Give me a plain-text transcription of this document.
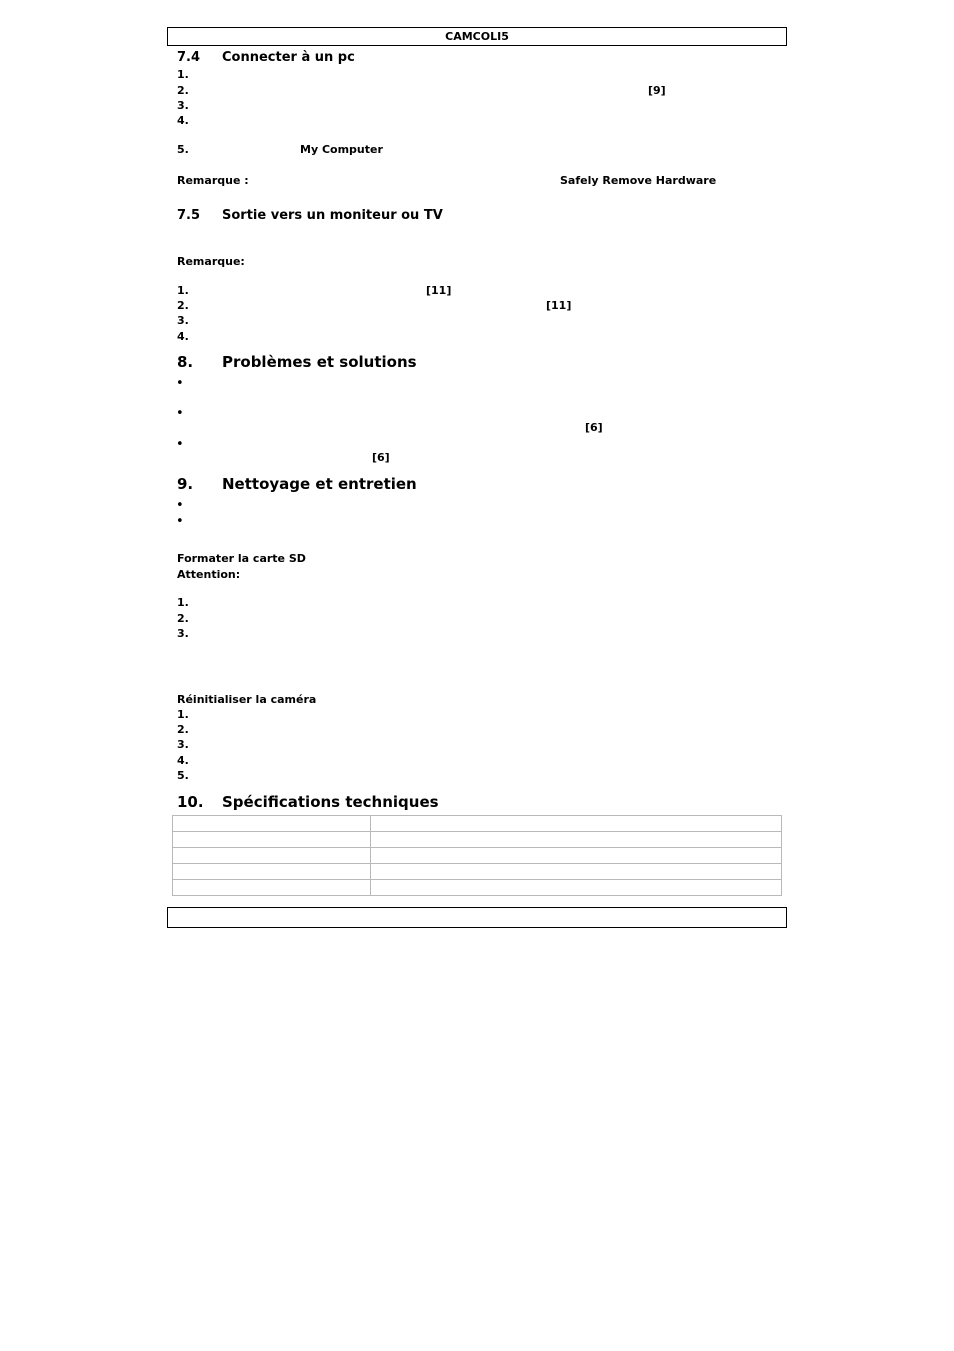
CAMCOLI5
7.4 Connecter à un pc
1.
2.	[9]
3.
4.
5.	My Computer
Remarque :	Safely Remove Hardware
7.5 Sortie vers un moniteur ou TV
Remarque:
1.	[11]
2.	[11]
3.
4.
8. Problèmes et solutions
•
•
[6]
•
[6]
9. Nettoyage et entretien
•
•
Formater la carte SD
Attention:
1.
2.
3.
Réinitialiser la caméra
1.
2.
3.
4.
5.
10. Spécifications techniques
